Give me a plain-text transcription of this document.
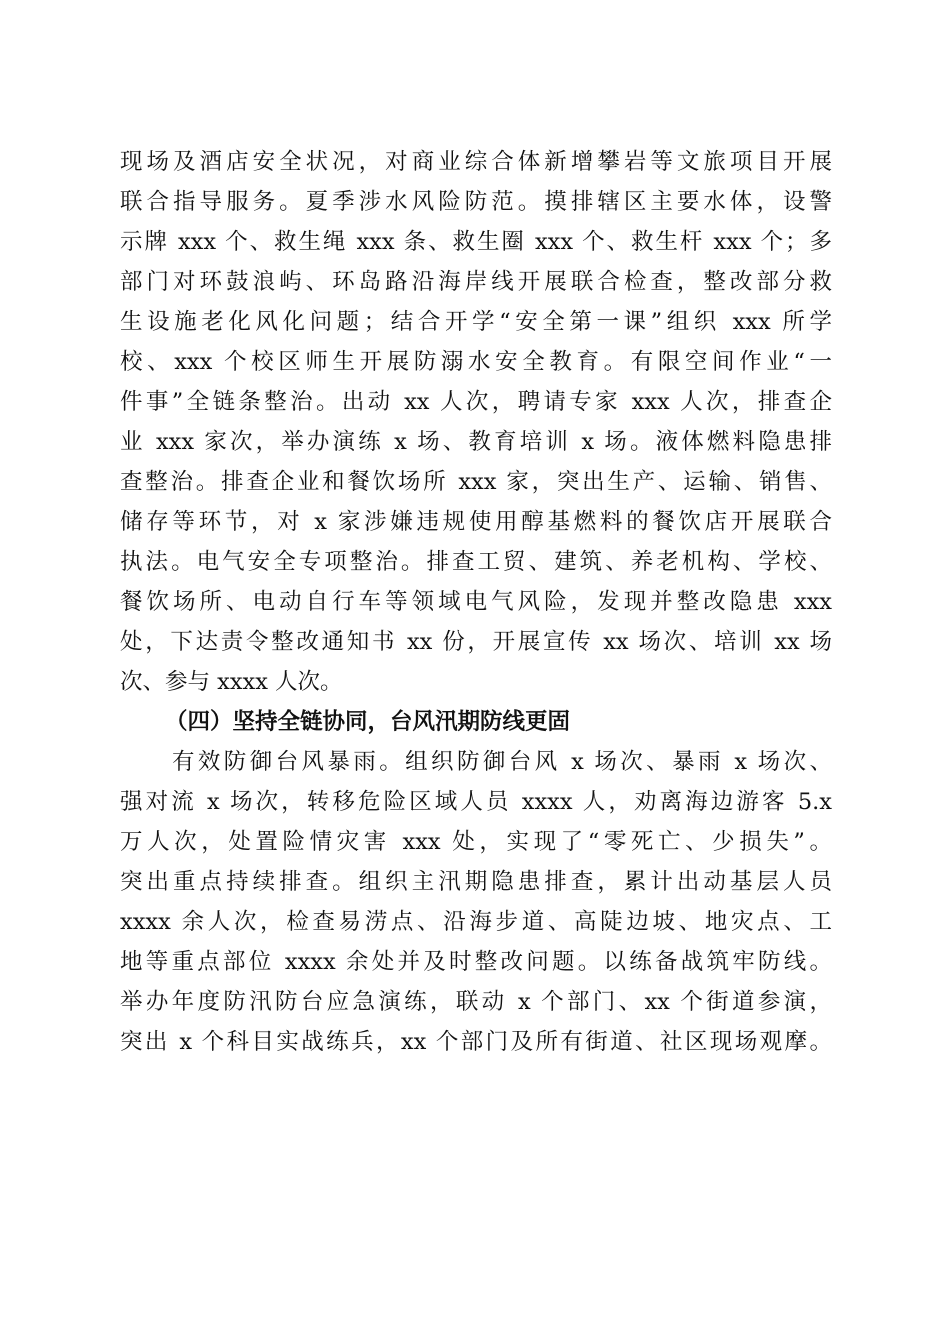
现场及酒店安全状况，对商业综合体新增攀岩等文旅项目开展
联合指导服务。夏季涉水风险防范。摸排辖区主要水体，设警
示牌 xxx 个、救生绳 xxx 条、救生圈 xxx 个、救生杆 xxx 个；多
部门对环鼓浪屿、环岛路沿海岸线开展联合检查，整改部分救
生设施老化风化问题；结合开学“安全第一课”组织 xxx 所学
校、xxx 个校区师生开展防溺水安全教育。有限空间作业“一
件事”全链条整治。出动 xx 人次，聘请专家 xxx 人次，排查企
业 xxx 家次，举办演练 x 场、教育培训 x 场。液体燃料隐患排
查整治。排查企业和餐饮场所 xxx 家，突出生产、运输、销售、
储存等环节，对 x 家涉嫌违规使用醇基燃料的餐饮店开展联合
执法。电气安全专项整治。排查工贸、建筑、养老机构、学校、
餐饮场所、电动自行车等领域电气风险，发现并整改隐患 xxx
处，下达责令整改通知书 xx 份，开展宣传 xx 场次、培训 xx 场
次、参与 xxxx 人次。
（四）坚持全链协同，台风汛期防线更固
有效防御台风暴雨。组织防御台风 x 场次、暴雨 x 场次、
强对流 x 场次，转移危险区域人员 xxxx 人，劝离海边游客 5.x
万人次，处置险情灾害 xxx 处，实现了“零死亡、少损失”。
突出重点持续排查。组织主汛期隐患排查，累计出动基层人员
xxxx 余人次，检查易涝点、沿海步道、高陡边坡、地灾点、工
地等重点部位 xxxx 余处并及时整改问题。以练备战筑牢防线。
举办年度防汛防台应急演练，联动 x 个部门、xx 个街道参演，
突出 x 个科目实战练兵，xx 个部门及所有街道、社区现场观摩。
